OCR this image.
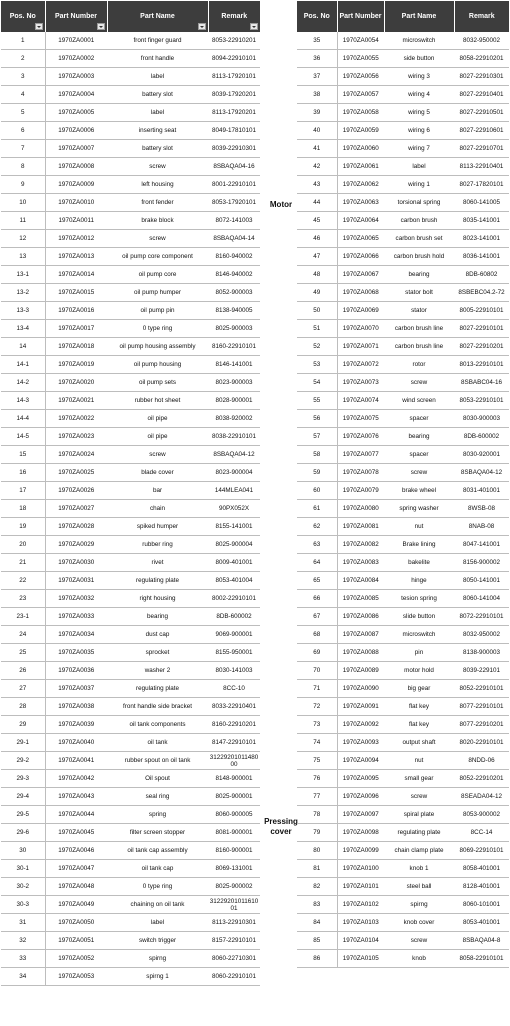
Pos. No	Part Number	Part Name	Remark

1	1970ZA0001	front finger guard	8053-22910201
2	1970ZA0002	front handle	8094-22910101
3	1970ZA0003	label	8113-17920101
4	1970ZA0004	battery slot	8039-17920201
5	1970ZA0005	label	8113-17920201
6	1970ZA0006	inserting seat	8049-17810101
7	1970ZA0007	battery slot	8039-22910301
8	1970ZA0008	screw	8SBAQA04-16
9	1970ZA0009	left housing	8001-22910101
10	1970ZA0010	front fender	8053-17920101
11	1970ZA0011	brake block	8072-141003
12	1970ZA0012	screw	8SBAQA04-14
13	1970ZA0013	oil pump core component	8160-940002
13-1	1970ZA0014	oil pump core	8146-940002
13-2	1970ZA0015	oil pump humper	8052-900003
13-3	1970ZA0016	oil pump pin	8138-940005
13-4	1970ZA0017	0 type ring	8025-900003
14	1970ZA0018	oil pump housing assembly	8160-22910101
14-1	1970ZA0019	oil pump housing	8146-141001
14-2	1970ZA0020	oil pump sets	8023-900003
14-3	1970ZA0021	rubber hot sheet	8028-900001
14-4	1970ZA0022	oil pipe	8038-920002
14-5	1970ZA0023	oil pipe	8038-22910101
15	1970ZA0024	screw	8SBAQA04-12
16	1970ZA0025	blade cover	8023-900004
17	1970ZA0026	bar	144MLEA041
18	1970ZA0027	chain	90PX052X
19	1970ZA0028	spiked humper	8155-141001
20	1970ZA0029	rubber ring	8025-900004
21	1970ZA0030	rivet	8009-401001
22	1970ZA0031	regulating plate	8053-401004
23	1970ZA0032	right housing	8002-22910101
23-1	1970ZA0033	bearing	8DB-600002
24	1970ZA0034	dust cap	9069-900001
25	1970ZA0035	sprocket	8155-950001
26	1970ZA0036	washer 2	8030-141003
27	1970ZA0037	regulating plate	8CC-10
28	1970ZA0038	front handle side bracket	8033-22910401
29	1970ZA0039	oil tank components	8160-22910201
29-1	1970ZA0040	oil tank	8147-22910101
29-2	1970ZA0041	rubber spout on oil tank	3122920101148000
29-3	1970ZA0042	Oil spout	8148-900001
29-4	1970ZA0043	seal ring	8025-900001
29-5	1970ZA0044	spring	8060-900005
29-6	1970ZA0045	filter screen stopper	8081-900001
30	1970ZA0046	oil tank cap assembly	8160-900001
30-1	1970ZA0047	oil tank cap	8069-131001
30-2	1970ZA0048	0 type ring	8025-900002
30-3	1970ZA0049	chaining on oil tank	3122920101161001
31	1970ZA0050	label	8113-22910301
32	1970ZA0051	switch trigger	8157-22910101
33	1970ZA0052	spirng	8060-22710301
34	1970ZA0053	spirng 1	8060-22910101
Motor
Pressing cover
Pos. No	Part Number	Part Name	Remark
35	1970ZA0054	microswitch	8032-950002
36	1970ZA0055	side button	8058-22910201
37	1970ZA0056	wiring 3	8027-22910301
38	1970ZA0057	wiring 4	8027-22910401
39	1970ZA0058	wiring 5	8027-22910501
40	1970ZA0059	wiring 6	8027-22910601
41	1970ZA0060	wiring 7	8027-22910701
42	1970ZA0061	label	8113-22910401
43	1970ZA0062	wiring 1	8027-17820101
44	1970ZA0063	torsional spring	8060-141005
45	1970ZA0064	carbon brush	8035-141001
46	1970ZA0065	carbon brush set	8023-141001
47	1970ZA0066	carbon brush hold	8036-141001
48	1970ZA0067	bearing	8DB-60802
49	1970ZA0068	stator bolt	8SBEBC04.2-72
50	1970ZA0069	stator	8005-22910101
51	1970ZA0070	carbon brush line	8027-22910101
52	1970ZA0071	carbon brush line	8027-22910201
53	1970ZA0072	rotor	8013-22910101
54	1970ZA0073	screw	8SBABC04-16
55	1970ZA0074	wind screen	8053-22910101
56	1970ZA0075	spacer	8030-900003
57	1970ZA0076	bearing	8DB-600002
58	1970ZA0077	spacer	8030-920001
59	1970ZA0078	screw	8SBAQA04-12
60	1970ZA0079	brake wheel	8031-401001
61	1970ZA0080	spring washer	8WSB-08
62	1970ZA0081	nut	8NAB-08
63	1970ZA0082	Brake lining	8047-141001
64	1970ZA0083	bakelite	8156-900002
65	1970ZA0084	hinge	8050-141001
66	1970ZA0085	tesion spring	8060-141004
67	1970ZA0086	slide button	8072-22910101
68	1970ZA0087	microswitch	8032-950002
69	1970ZA0088	pin	8138-900003
70	1970ZA0089	motor hold	8039-229101
71	1970ZA0090	big gear	8052-22910101
72	1970ZA0091	flat key	8077-22910101
73	1970ZA0092	flat key	8077-22910201
74	1970ZA0093	output shaft	8020-22910101
75	1970ZA0094	nut	8NDD-06
76	1970ZA0095	small gear	8052-22910201
77	1970ZA0096	screw	8SEADA04-12
78	1970ZA0097	spiral plate	8053-900002
79	1970ZA0098	regulating plate	8CC-14
80	1970ZA0099	chain clamp plate	8069-22910101
81	1970ZA0100	knob 1	8058-401001
82	1970ZA0101	steel ball	8128-401001
83	1970ZA0102	spirng	8060-101001
84	1970ZA0103	knob cover	8053-401001
85	1970ZA0104	screw	8SBAQA04-8
86	1970ZA0105	knob	8058-22910101
